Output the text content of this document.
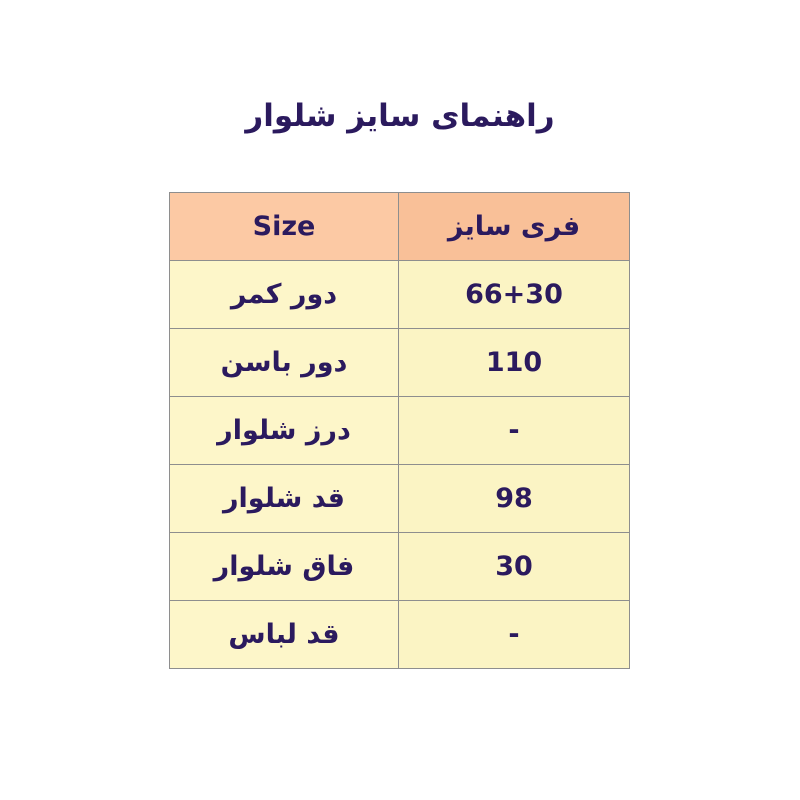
راهنمای سایز شلوار
فری سایز	Size
66+30	دور کمر
110	دور باسن
-	درز شلوار
98	قد شلوار
30	فاق شلوار
-	قد لباس
